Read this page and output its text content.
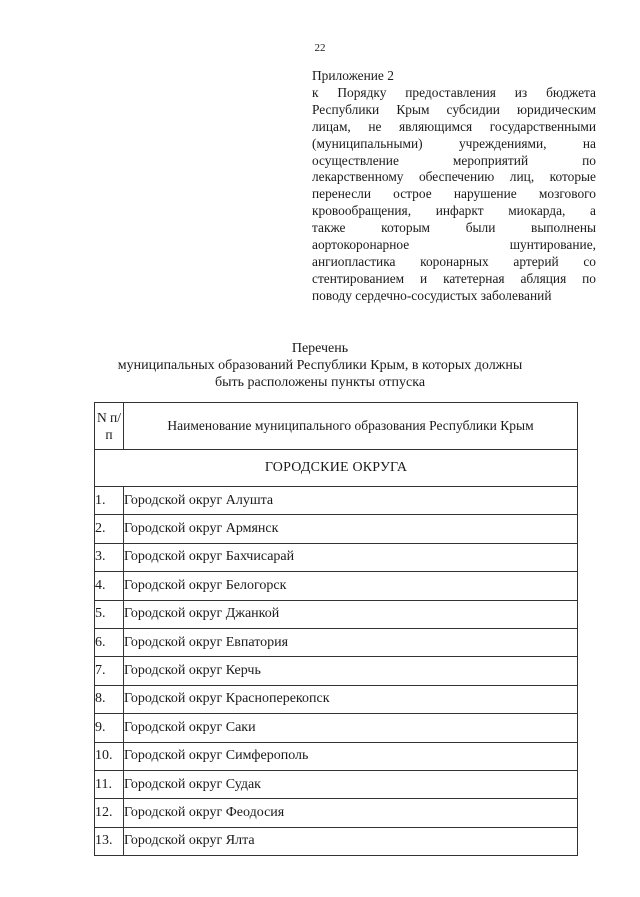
22
Приложение 2
к Порядку предоставления из бюджета
Республики Крым субсидии юридическим
лицам, не являющимся государственными
(муниципальными) учреждениями, на
осуществление мероприятий по
лекарственному обеспечению лиц, которые
перенесли острое нарушение мозгового
кровообращения, инфаркт миокарда, а
также которым были выполнены
аортокоронарное шунтирование,
ангиопластика коронарных артерий со
стентированием и катетерная абляция по
поводу сердечно-сосудистых заболеваний
Перечень
муниципальных образований Республики Крым, в которых должны
быть расположены пункты отпуска
N п/п	Наименование муниципального образования Республики Крым
ГОРОДСКИЕ ОКРУГА	
1.	Городской округ Алушта
2.	Городской округ Армянск
3.	Городской округ Бахчисарай
4.	Городской округ Белогорск
5.	Городской округ Джанкой
6.	Городской округ Евпатория
7.	Городской округ Керчь
8.	Городской округ Красноперекопск
9.	Городской округ Саки
10.	Городской округ Симферополь
11.	Городской округ Судак
12.	Городской округ Феодосия
13.	Городской округ Ялта
